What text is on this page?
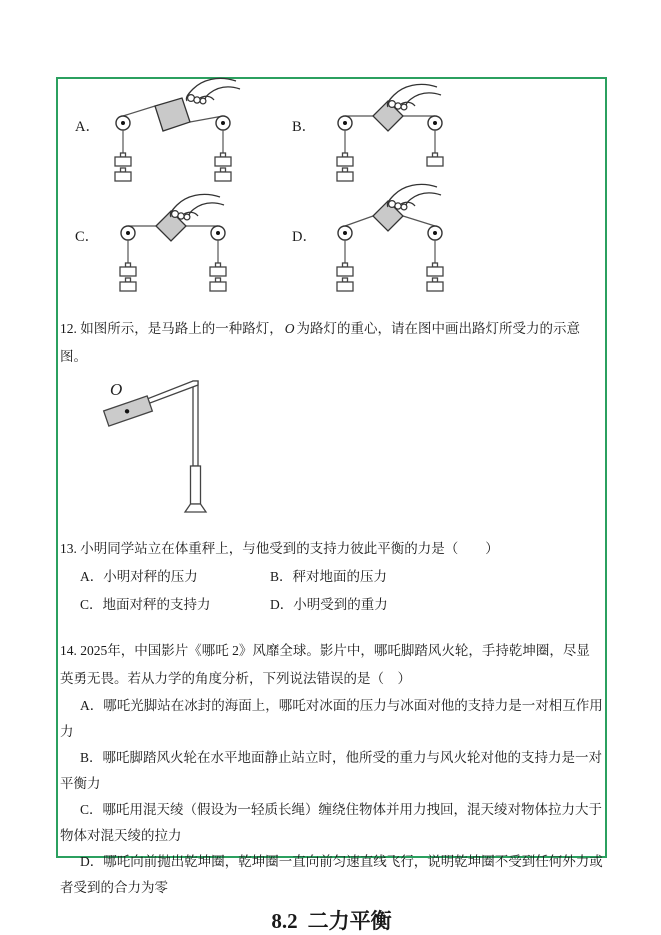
A．	B．
C．	D．

12. 如图所示，是马路上的一种路灯， O 为路灯的重心，请在图中画出路灯所受力的示意图。

O

13. 小明同学站立在体重秤上，与他受到的支持力彼此平衡的力是（　　）

A．小明对秤的压力	B．秤对地面的压力
C．地面对秤的支持力	D．小明受到的重力

14. 2025年，中国影片《哪吒 2》风靡全球。影片中，哪吒脚踏风火轮，手持乾坤圈，尽显英勇无畏。若从力学的角度分析，下列说法错误的是（　）

A．哪吒光脚站在冰封的海面上，哪吒对冰面的压力与冰面对他的支持力是一对相互作用力

B．哪吒脚踏风火轮在水平地面静止站立时，他所受的重力与风火轮对他的支持力是一对平衡力

C．哪吒用混天绫（假设为一轻质长绳）缠绕住物体并用力拽回，混天绫对物体拉力大于物体对混天绫的拉力

D．哪吒向前抛出乾坤圈，乾坤圈一直向前匀速直线飞行，说明乾坤圈不受到任何外力或者受到的合力为零

8.2 二力平衡
